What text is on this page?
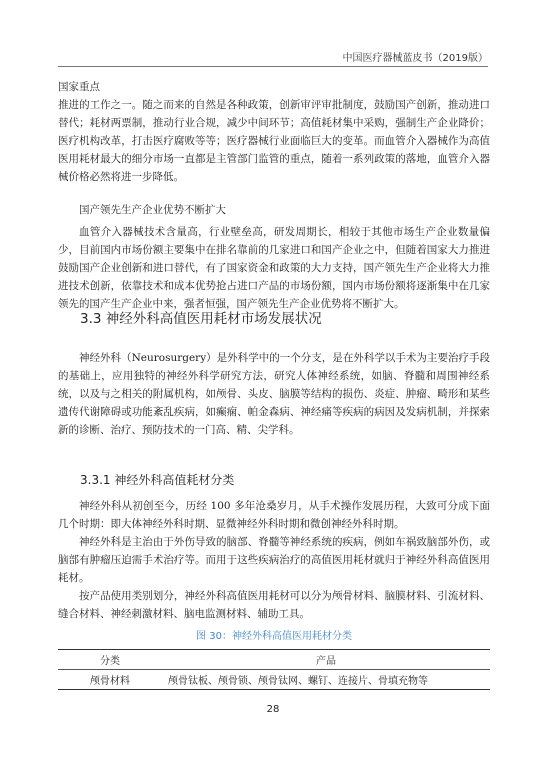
中国医疗器械蓝皮书（2019版）

国家重点

推进的工作之一。随之而来的自然是各种政策，创新审评审批制度，鼓励国产创新，推动进口替代；耗材两票制，推动行业合规，减少中间环节；高值耗材集中采购，强制生产企业降价；医疗机构改革，打击医疗腐败等等；医疗器械行业面临巨大的变革。而血管介入器械作为高值医用耗材最大的细分市场一直都是主管部门监管的重点，随着一系列政策的落地，血管介入器械价格必然将进一步降低。

国产领先生产企业优势不断扩大

血管介入器械技术含量高，行业壁垒高，研发周期长，相较于其他市场生产企业数量偏少，目前国内市场份额主要集中在排名靠前的几家进口和国产企业之中，但随着国家大力推进鼓励国产企业创新和进口替代，有了国家资金和政策的大力支持，国产领先生产企业将大力推进技术创新，依靠技术和成本优势抢占进口产品的市场份额，国内市场份额将逐渐集中在几家领先的国产生产企业中来，强者恒强，国产领先生产企业优势将不断扩大。

3.3 神经外科高值医用耗材市场发展状况

神经外科（Neurosurgery）是外科学中的一个分支，是在外科学以手术为主要治疗手段的基础上，应用独特的神经外科学研究方法，研究人体神经系统，如脑、脊髓和周围神经系统，以及与之相关的附属机构，如颅骨、头皮、脑膜等结构的损伤、炎症、肿瘤、畸形和某些遗传代谢障碍或功能紊乱疾病，如癫痫、帕金森病、神经痛等疾病的病因及发病机制，并探索新的诊断、治疗、预防技术的一门高、精、尖学科。

3.3.1 神经外科高值耗材分类

神经外科从初创至今，历经 100 多年沧桑岁月，从手术操作发展历程，大致可分成下面几个时期：即大体神经外科时期、显微神经外科时期和微创神经外科时期。

神经外科是主治由于外伤导致的脑部、脊髓等神经系统的疾病，例如车祸致脑部外伤，或脑部有肿瘤压迫需手术治疗等。而用于这些疾病治疗的高值医用耗材就归于神经外科高值医用耗材。

按产品使用类别划分，神经外科高值医用耗材可以分为颅骨材料、脑膜材料、引流材料、缝合材料、神经刺激材料、脑电监测材料、辅助工具。

图 30：神经外科高值医用耗材分类
分类	产品
颅骨材料	颅骨钛板、颅骨锁、颅骨钛网、螺钉、连接片、骨填充物等
28
